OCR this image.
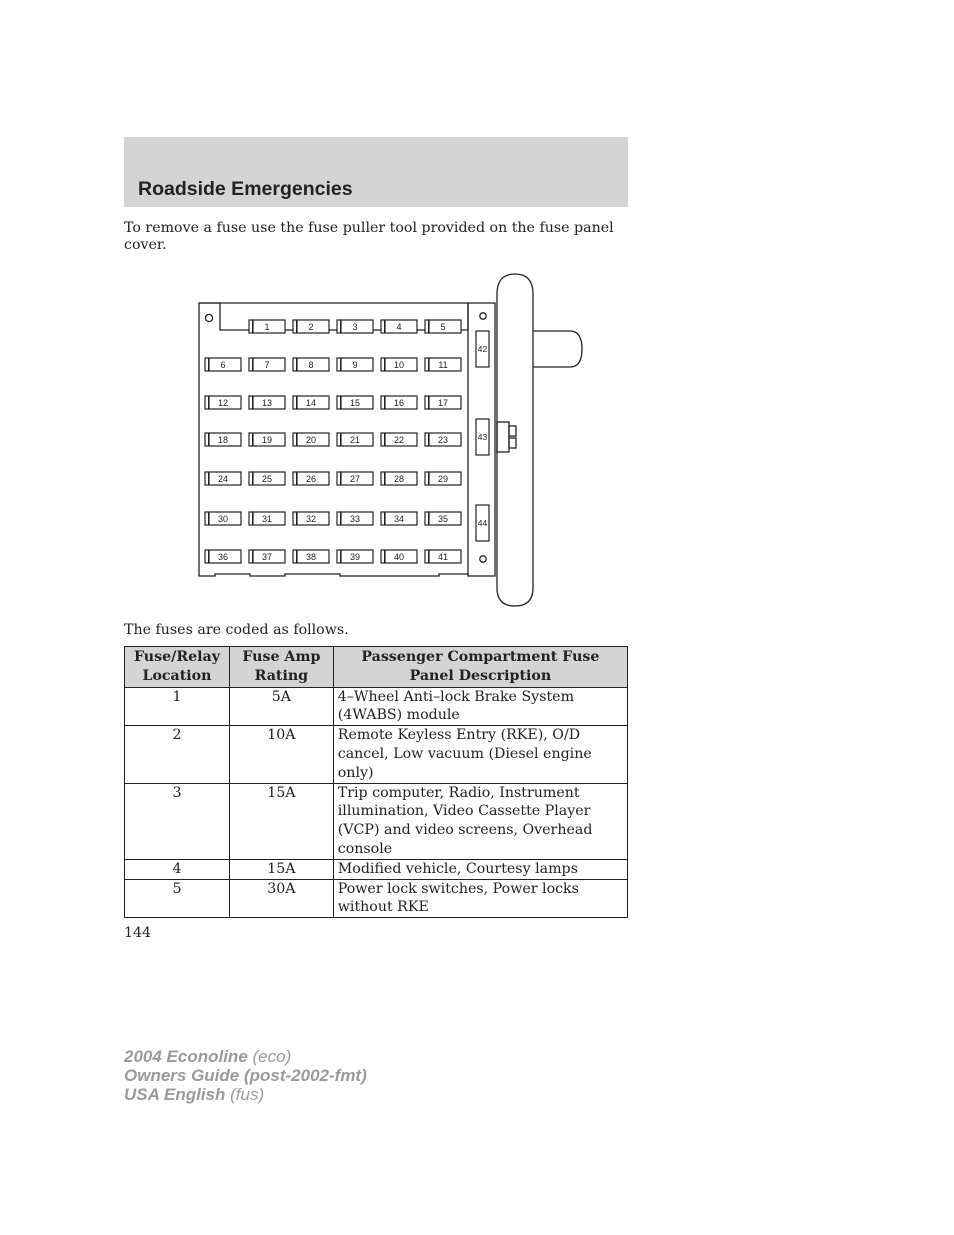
Roadside Emergencies

To remove a fuse use the fuse puller tool provided on the fuse panel cover.

1	2	3	4	5
6	7	8	9	10	11
12	13	14	15	16	17
18	19	20	21	22	23
24	25	26	27	28	29
30	31	32	33	34	35
36	37	38	39	40	41
42
43
44

The fuses are coded as follows.

Fuse/Relay Location	Fuse Amp Rating	Passenger Compartment Fuse Panel Description
1	5A	4–Wheel Anti–lock Brake System (4WABS) module
2	10A	Remote Keyless Entry (RKE), O/D cancel, Low vacuum (Diesel engine only)
3	15A	Trip computer, Radio, Instrument illumination, Video Cassette Player (VCP) and video screens, Overhead console
4	15A	Modified vehicle, Courtesy lamps
5	30A	Power lock switches, Power locks without RKE

144

2004 Econoline (eco)
Owners Guide (post-2002-fmt)
USA English (fus)
